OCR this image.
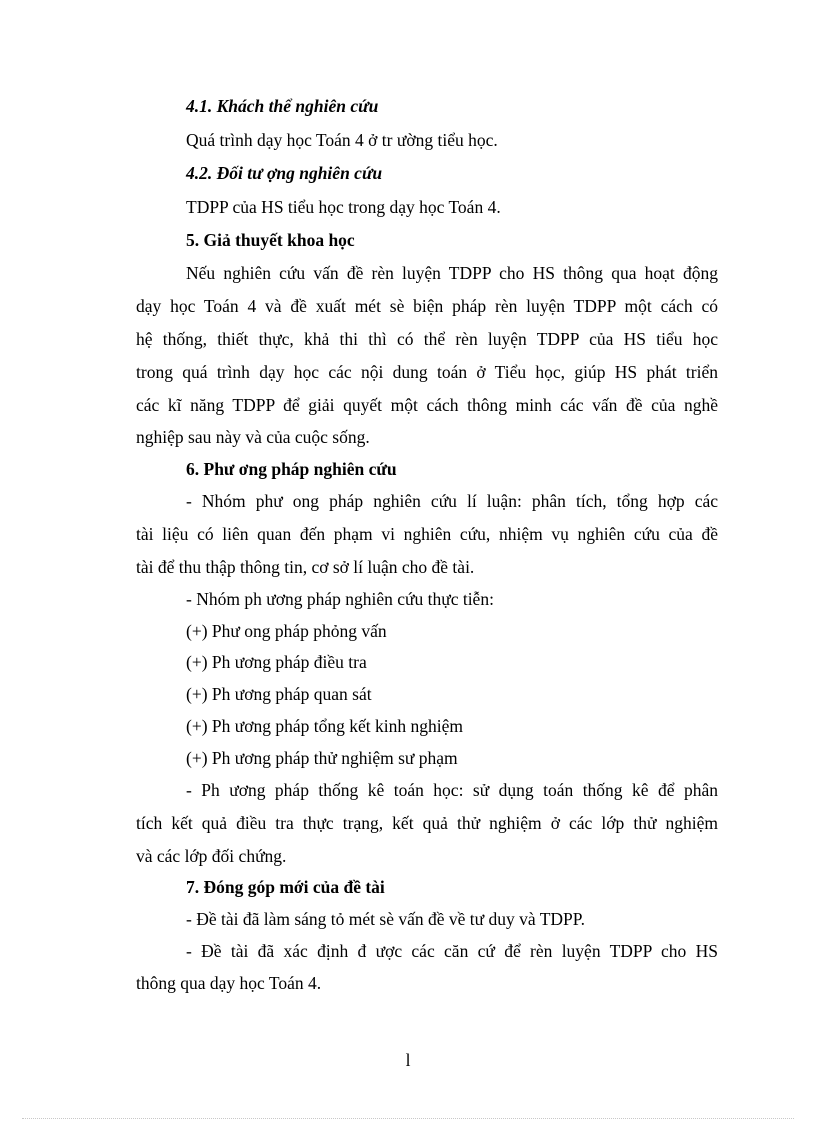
4.1. Khách thể nghiên cứu
Quá trình dạy học Toán 4 ở tr ường tiểu học.
4.2. Đối tư ợng nghiên cứu
TDPP của HS tiểu học trong dạy học Toán 4.
5. Giả thuyết khoa học
Nếu nghiên cứu vấn đề rèn luyện TDPP cho HS thông qua hoạt động
dạy học Toán 4 và đề xuất mét sè biện pháp rèn luyện TDPP một cách có
hệ thống, thiết thực, khả thi thì có thể rèn luyện TDPP của HS tiểu học
trong quá trình dạy học các nội dung toán ở Tiểu học, giúp HS phát triển
các kĩ năng TDPP để giải quyết một cách thông minh các vấn đề của nghề
nghiệp sau này và của cuộc sống.
6. Phư ơng pháp nghiên cứu
- Nhóm phư ong pháp nghiên cứu lí luận: phân tích, tổng hợp các
tài liệu có liên quan đến phạm vi nghiên cứu, nhiệm vụ nghiên cứu của đề
tài để thu thập thông tin, cơ sở lí luận cho đề tài.
- Nhóm ph ương pháp nghiên cứu thực tiễn:
(+) Phư ong pháp phỏng vấn
(+) Ph ương pháp điều tra
(+) Ph ương pháp quan sát
(+) Ph ương pháp tổng kết kinh nghiệm
(+) Ph ương pháp thử nghiệm sư phạm
- Ph ương pháp thống kê toán học: sử dụng toán thống kê để phân
tích kết quả điều tra thực trạng, kết quả thử nghiệm ở các lớp thử nghiệm
và các lớp đối chứng.
7. Đóng góp mới của đề tài
- Đề tài đã làm sáng tỏ mét sè vấn đề về tư duy và TDPP.
- Đề tài đã xác định đ ược các căn cứ để rèn luyện TDPP cho HS
thông qua dạy học Toán 4.
l
